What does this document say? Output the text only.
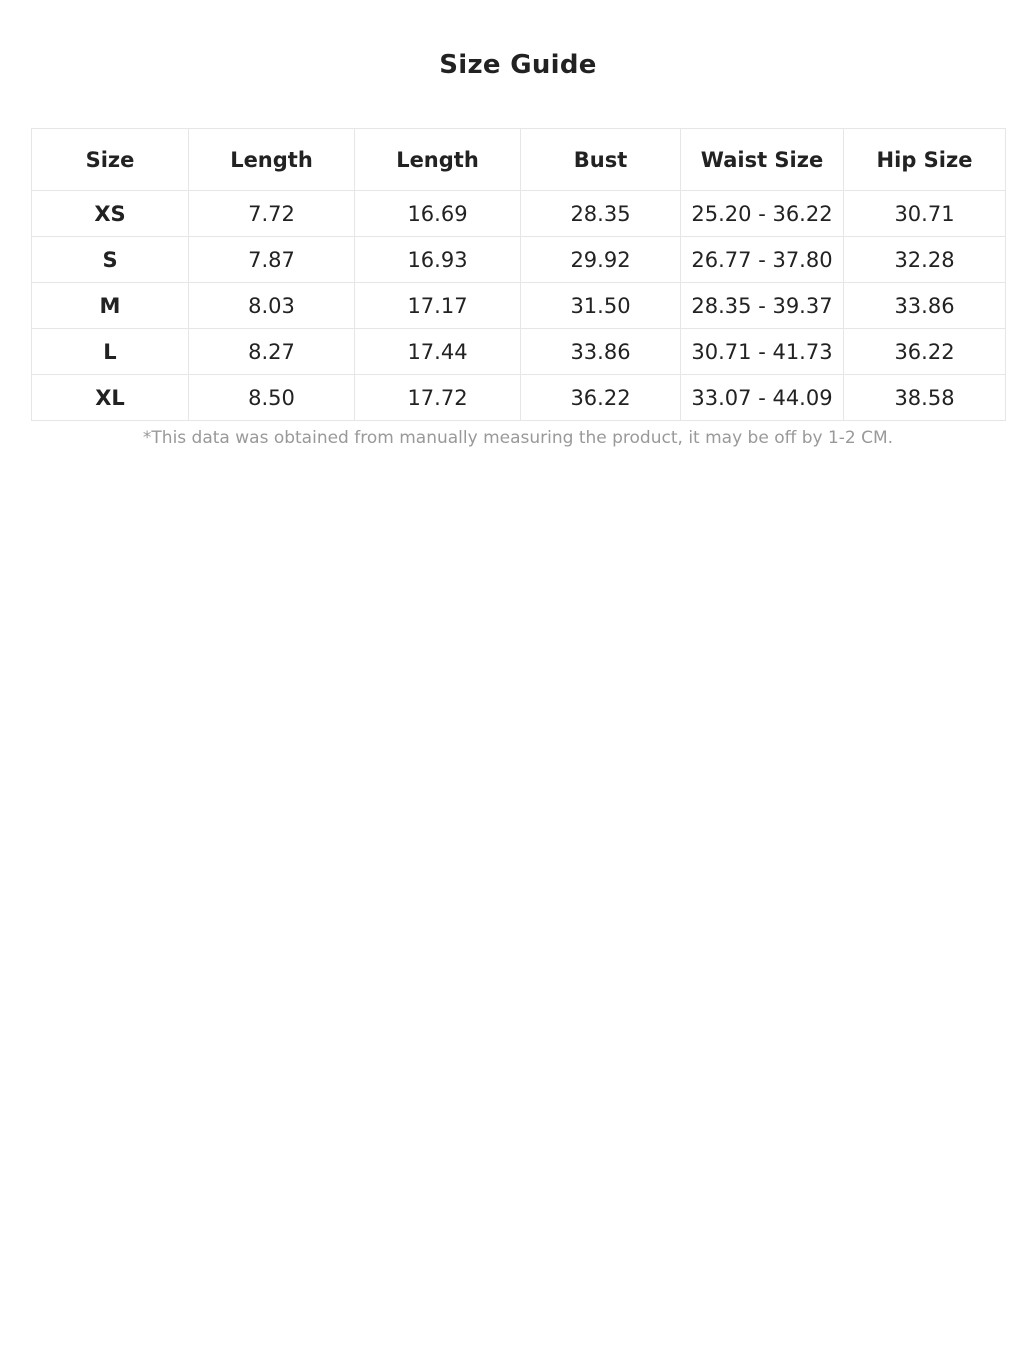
Size Guide
Size	Length	Length	Bust	Waist Size	Hip Size
XS	7.72	16.69	28.35	25.20 - 36.22	30.71
S	7.87	16.93	29.92	26.77 - 37.80	32.28
M	8.03	17.17	31.50	28.35 - 39.37	33.86
L	8.27	17.44	33.86	30.71 - 41.73	36.22
XL	8.50	17.72	36.22	33.07 - 44.09	38.58
*This data was obtained from manually measuring the product, it may be off by 1-2 CM.
